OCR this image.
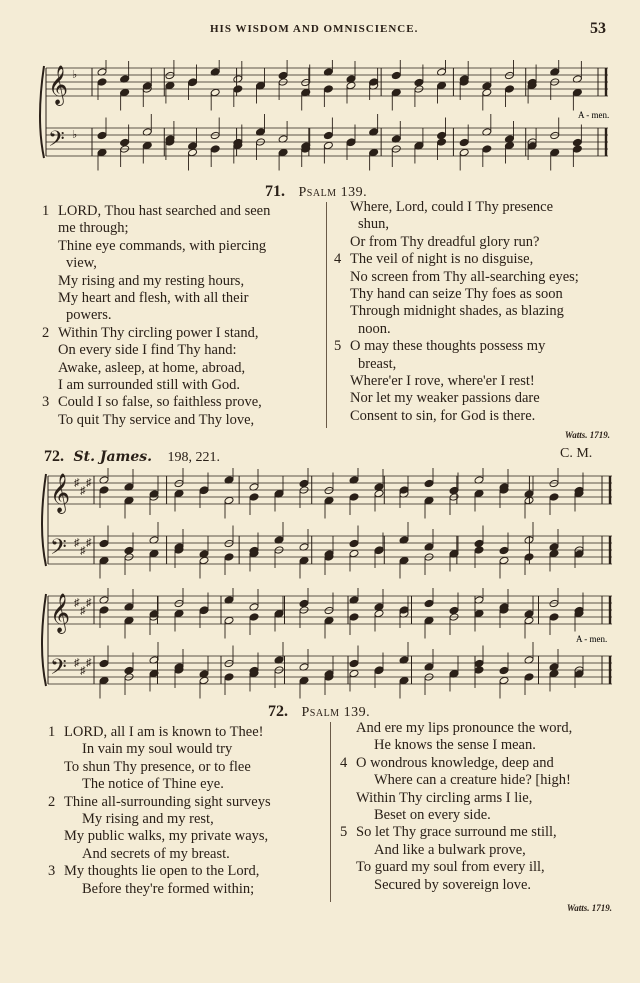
HIS WISDOM AND OMNISCIENCE.	53
𝄞 ♭
𝄢 ♭
A - men.
71. Psalm 139.
1 LORD, Thou hast searched and seen
me through;
Thine eye commands, with piercing
view,
My rising and my resting hours,
My heart and flesh, with all their
powers.
2 Within Thy circling power I stand,
On every side I find Thy hand:
Awake, asleep, at home, abroad,
I am surrounded still with God.
3 Could I so false, so faithless prove,
To quit Thy service and Thy love,
Where, Lord, could I Thy presence
shun,
Or from Thy dreadful glory run?
4 The veil of night is no disguise,
No screen from Thy all-searching eyes;
Thy hand can seize Thy foes as soon
Through midnight shades, as blazing
noon.
5 O may these thoughts possess my
breast,
Where'er I rove, where'er I rest!
Nor let my weaker passions dare
Consent to sin, for God is there.
Watts. 1719.
72. St. James. 198, 221.	C. M.
𝄞 ♯
♯
♯
𝄢 ♯
♯
♯
𝄞 ♯
♯
♯
𝄢 ♯
♯
♯
A - men.
72. Psalm 139.
1 LORD, all I am is known to Thee!
In vain my soul would try
To shun Thy presence, or to flee
The notice of Thine eye.
2 Thine all-surrounding sight surveys
My rising and my rest,
My public walks, my private ways,
And secrets of my breast.
3 My thoughts lie open to the Lord,
Before they're formed within;
And ere my lips pronounce the word,
He knows the sense I mean.
4 O wondrous knowledge, deep and
Where can a creature hide? [high!
Within Thy circling arms I lie,
Beset on every side.
5 So let Thy grace surround me still,
And like a bulwark prove,
To guard my soul from every ill,
Secured by sovereign love.
Watts. 1719.
